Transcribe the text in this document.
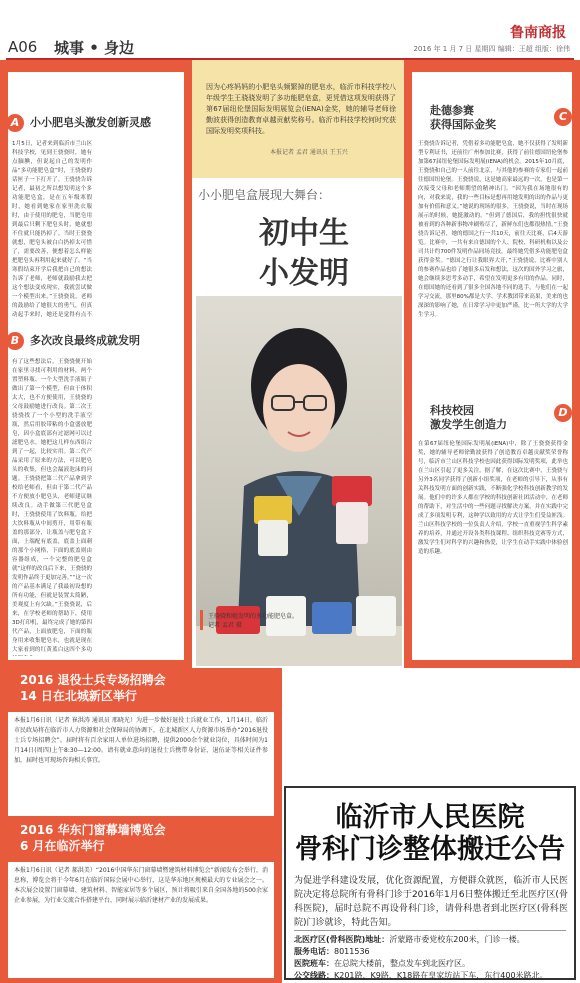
鲁南商报
A06 城事 • 身边	2016 年 1 月 7 日 星期四 编辑：王超 组版：徐伟
A 小小肥皂头激发创新灵感
1月5日，记者来到临沂市兰山区科技学校，见到王骁骁时，她有点腼腆，但说起自己的发明作品“多功能肥皂盒”时，王骁骁的话匣子一下打开了。王骁骁告诉记者，最初之所以想发明这个多功能肥皂盒，是在五年级寒假时，她看到她家在家里洗衣服时，由于使用的肥皂，当肥皂用到最后只剩下肥皂头时，她就想不住就只能扔掉了。当时王骁骁就想，肥皂头被白白扔掉太可惜了，需要改善，便想着怎么样能把肥皂头再利用起来就好了。“当寒假结束开学后我把自己的想法告诉了老师，老师就鼓励我去把这个想法变成现实，我就尝试做一个模型出来。”王骁骁说，老师的鼓励给了她很大的勇气，但真动起手来时，她还是觉得有点不
B 多次改良最终成就发明
有了这些想法后，王骁骁便开始在家里寻找可利用的材料，两个置塑料瓶、一个大型洗手液瓶子做出了第一个模型，但由于体积太大，也不方便使用，王骁骁的父母鼓励她进行改良。第二次王骁骁找了一个小型的洗手液空瓶，然后用胶带粘的小盒盛放肥皂，因小盒底部有过滤网可以过滤肥皂水。她把这几样东西组合到了一起，比较实用。第二代产品采用了原来的方法，可以肥皂头的收集，但也会漏液泡沫的问题。王骁骁把第二代产品拿到学校给老师看，但由于第二代产品不方便放小肥皂头，老师建议继续改良。动手做第三代肥皂盒时，王骁骁使用了饮料瓶，给把大饮料瓶从中间剪开，用带有瓶盖的那部分，让瓶盖与肥皂盒下面，上端配有底盖，底盖上面刺的那个小网格，下面的底盖则由容器组成，一个完整的肥皂盒就“这样的改良后下来，王骁骁的发明作品终于更加完善。”“这一次的产品基本满足了我最初设想的所有功能，但就是装置太简陋，美观度上有欠缺。”王骁骁说，后来，在学校老师的帮助下，使用3D打印机，最终完成了她的第四代产品，上面放肥皂，下面的瓶身用来收集肥皂水，也就是现在大家看到的红黄蓝白这四个多功
因为心疼妈妈的小肥皂头频繁掉的肥皂水，临沂市科技学校八年级学生王骁骁发明了多功能肥皂盒，更凭借这项发明获得了第67届纽伦堡国际发明展览会(iENA)金奖，她的辅导老师徐勤波获得创造教育卓越贡献奖称号。临沂市科技学校何时究获国际发明奖项科技。
本报记者 孟君 通讯员 王玉兴
小小肥皂盒展现大舞台：
初中生
小发明
王骁骁和她发明的多功能肥皂盒。
记者 孟君 摄
C
赴德参赛
获得国际金奖
王骁骁告诉记者，凭借着多功能肥皂盒，她不仅获得了发明新型专利证书，还前往广州参加比赛，获得了前往德国纽伦堡参加第67届纽伦堡国际发明展(iENA)的机会。2015年10月底，王骁骁和自己的一人前往北京，与其他的参赛的专家们一起前往德国纽伦堡。王骁骁说，这是她高家最远的一次，也是第一次接受父母和老师期望的精神出门。“因为我在场地很有的向，对我来说，我的一些目标是想再用她发明的出的作品与更加有价值和意义。”她说的现场的很多，王骁骁说，当时在现场展示的时候，她挺激动的。“但到了德国后，我的担忧很快就被看到的各种新事物冲刷殆尽了，新鲜东们也都很热情。”王骁骁告诉记者，她的德国之行一共10天，前往天比赛，后4天游览。比赛中，一共有来自德国的个人、院校、科研机构以及公司共计约700件发明作品同场竞技，最终她凭借多功能肥皂盒获得金奖。“德国之行让我眼界大开，”王骁骁说，比赛中别人的参赛作品也给了她很多启发和想法，这次的国外学习之旅，她会继续多思考多动手，希望在发明更多有用的作品。同时，在德国她的还看到了很多全国各地不同的选手，与他们在一起学习交流，那里80%都是大学、学术教团带来高果，美来的也深深的影响了她，在日常学习中更加严谨，比一所大学的大学生学习。
D
科技校园
激发学生创造力
在第67届纽伦堡国际发明展(iENA)中，除了王骁骁获得金奖，她的辅导老师徐勤波获得了创造教育卓越贡献奖荣誉称号，临沂市兰山区科技学校也因此获得国际发明奖项，此举也在兰山区引起了更多关注。据了解，在这次比赛中，王骁骁与另外3名同学获得了创新小组奖项，在老师的引导下，从事有关科技发明方面的创新实践，不断强化学校科技创新教学的发展。他们中的许多人都在学校的科技创新社团活动中，在老师的帮助下，对生活中的一些问题寻找解决方案，并在实践中完成了多项发明专利，这种学以致用的方式让学生们受益匪浅。兰山区科技学校的一位负责人介绍，学校一直重视学生科学素养的培养，并通过开设各类科技课程、组织科技竞赛等方式，激发学生们对科学的兴趣和热爱，让学生在动手实践中体验创造的乐趣。
2016 退役士兵专场招聘会
14 日在北城新区举行
本报1月6日讯（记者 崔洪涛 通讯员 邢晓光）为进一步做好退役士兵就业工作，1月14日，临沂市民政局将在临沂市人力资源和社会保障局的协调下，在北城新区人力资源市场举办“2016退役士兵专场招聘会”。届时将有百余家用人单位进场招聘，提供2000余个就业岗位，具体时间为1月14日(周四)上午8:30—12:00。请有就业意向的退役士兵携带身份证、退伍证等相关证件参加，届时也可现场咨询相关事宜。
2016 华东门窗幕墙博览会
6 月在临沂举行
本报1月6日讯（记者 郝洪美）“2016中国华东门窗幕墙暨建筑材料博览会”新闻发布会举行，消息称，博览会将于今年6月在临沂国际会展中心举行，这是华东地区规模最大的专业展会之一。本次展会设置门窗幕墙、建筑材料、智能家居等多个展区，预计将吸引来自全国各地的500余家企业参展，为行业交流合作搭建平台，同时展示临沂建材产业的发展成果。
临沂市人民医院
骨科门诊整体搬迁公告
为促进学科建设发展，优化资源配置，方便群众就医，临沂市人民医院决定将总院所有骨科门诊于2016年1月6日整体搬迁至北医疗区(骨科医院)，届时总院不再设骨科门诊，请骨科患者到北医疗区(骨科医院)门诊就诊，特此告知。
北医疗区(骨科医院)地址：沂蒙路市委党校东200米，门诊一楼。
服务电话：8011536
医院班车：在总院大楼前，整点发车到北医疗区。
公交线路：K201路、K9路、K18路在皇家坊站下车，东行400米路北。
